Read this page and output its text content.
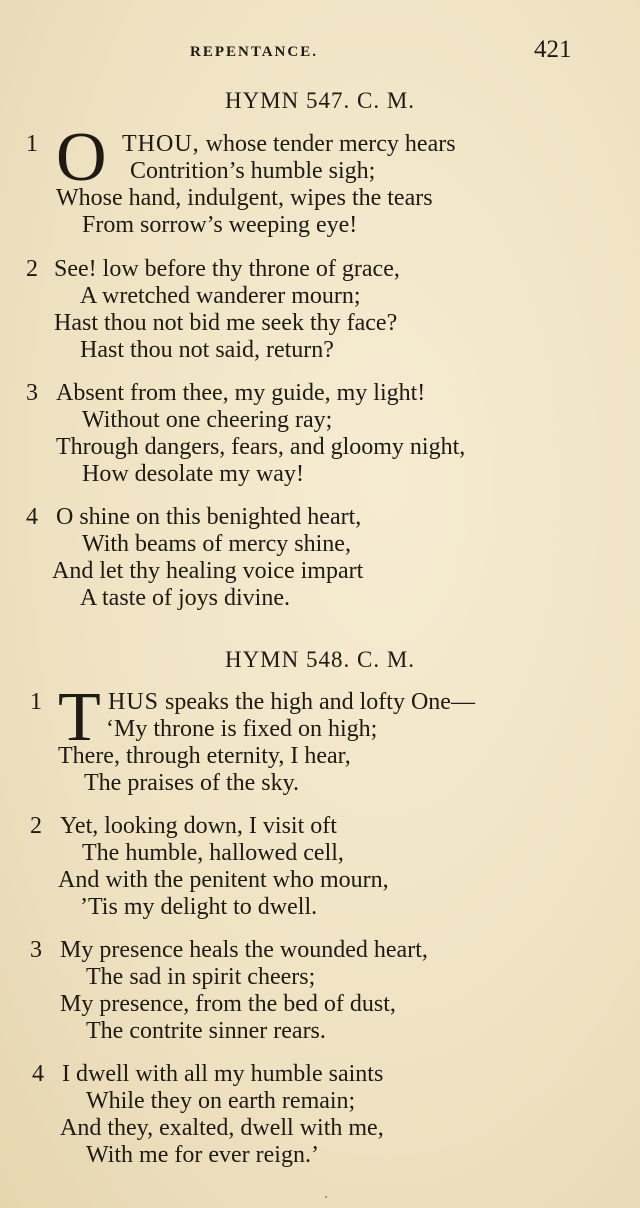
REPENTANCE.	421
HYMN 547. C. M.
1 O THOU, whose tender mercy hears
Contrition’s humble sigh;
Whose hand, indulgent, wipes the tears
From sorrow’s weeping eye!
2 See! low before thy throne of grace,
A wretched wanderer mourn;
Hast thou not bid me seek thy face?
Hast thou not said, return?
3 Absent from thee, my guide, my light!
Without one cheering ray;
Through dangers, fears, and gloomy night,
How desolate my way!
4 O shine on this benighted heart,
With beams of mercy shine,
And let thy healing voice impart
A taste of joys divine.
HYMN 548. C. M.
1 T HUS speaks the high and lofty One—
‘My throne is fixed on high;
There, through eternity, I hear,
The praises of the sky.
2 Yet, looking down, I visit oft
The humble, hallowed cell,
And with the penitent who mourn,
’Tis my delight to dwell.
3 My presence heals the wounded heart,
The sad in spirit cheers;
My presence, from the bed of dust,
The contrite sinner rears.
4 I dwell with all my humble saints
While they on earth remain;
And they, exalted, dwell with me,
With me for ever reign.’
